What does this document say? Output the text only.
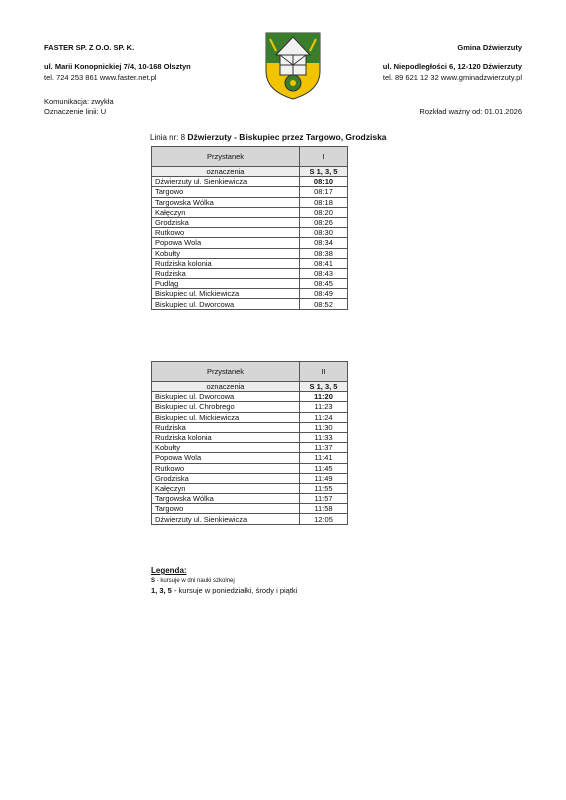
FASTER SP. Z O.O. SP. K.
ul. Marii Konopnickiej 7/4, 10-168 Olsztyn
tel. 724 253 861 www.faster.net.pl
Gmina Dźwierzuty
ul. Niepodległości 6, 12-120 Dźwierzuty
tel. 89 621 12 32 www.gminadzwierzuty.pl
Komunikacja: zwykła
Oznaczenie linii: U	Rozkład ważny od: 01.01.2026
Linia nr: 8 Dźwierzuty - Biskupiec przez Targowo, Grodziska
Przystanek	I
oznaczenia	S 1, 3, 5
Dźwierzuty ul. Sienkiewicza	08:10
Targowo	08:17
Targowska Wólka	08:18
Kałęczyn	08:20
Grodziska	08:26
Rutkowo	08:30
Popowa Wola	08:34
Kobułty	08:38
Rudziska kolonia	08:41
Rudziska	08:43
Pudląg	08:45
Biskupiec ul. Mickiewicza	08:49
Biskupiec ul. Dworcowa	08:52
Przystanek	II
oznaczenia	S 1, 3, 5
Biskupiec ul. Dworcowa	11:20
Biskupiec ul. Chrobrego	11:23
Biskupiec ul. Mickiewicza	11:24
Rudziska	11:30
Rudziska kolonia	11:33
Kobułty	11:37
Popowa Wola	11:41
Rutkowo	11:45
Grodziska	11:49
Kałęczyn	11:55
Targowska Wólka	11:57
Targowo	11:58
Dźwierzuty ul. Sienkiewicza	12:05
Legenda:
S - kursuje w dni nauki szkolnej
1, 3, 5 - kursuje w poniedziałki, środy i piątki
